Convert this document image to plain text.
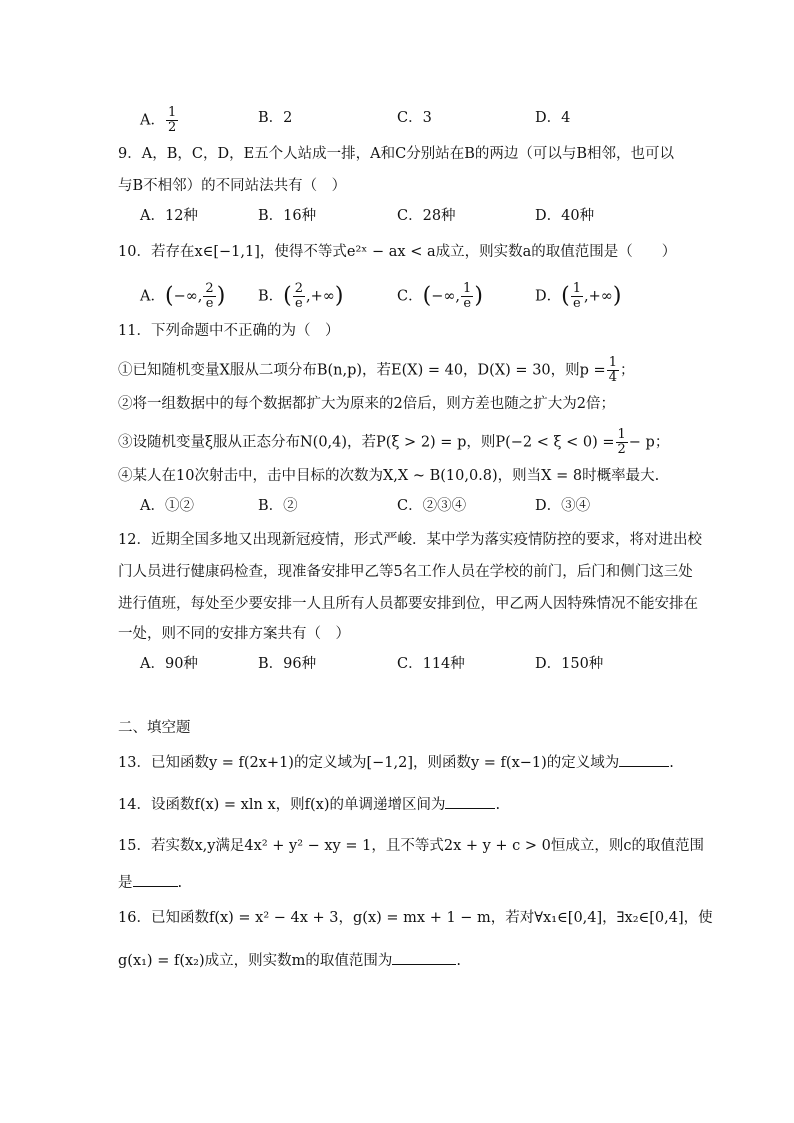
A． $\frac{1}{2}$	B．2	C．3	D．4
9．A，B，C，D，E五个人站成一排，A和C分别站在B的两边（可以与B相邻，也可以
与B不相邻）的不同站法共有（　）
A．12种	B．16种	C．28种	D．40种
10．若存在x∈[−1,1]，使得不等式e²ˣ − ax < a成立，则实数a的取值范围是（　　）
A．(−∞, $\frac{2}{e}$ ) B．( $\frac{2}{e}$ ,+∞)	C．(−∞, $\frac{1}{e}$ )	D．( $\frac{1}{e}$ ,+∞)
11．下列命题中不正确的为（　）
①已知随机变量X服从二项分布B(n,p)，若E(X) = 40，D(X) = 30，则$p = \frac{1}{4}$ ；
②将一组数据中的每个数据都扩大为原来的2倍后，则方差也随之扩大为2倍；
③设随机变量ξ服从正态分布N(0,4)，若P(ξ > 2) = p，则$P(-2 < \xi < 0) = \frac{1}{2} - p$；
④某人在10次射击中，击中目标的次数为X,X ~ B(10,0.8)，则当X = 8时概率最大.
A．①②	B．②	C．②③④	D．③④
12．近期全国多地又出现新冠疫情，形式严峻．某中学为落实疫情防控的要求，将对进出校
门人员进行健康码检查，现准备安排甲乙等5名工作人员在学校的前门，后门和侧门这三处
进行值班，每处至少要安排一人且所有人员都要安排到位，甲乙两人因特殊情况不能安排在
一处，则不同的安排方案共有（　）
A．90种	B．96种	C．114种	D．150种
二、填空题
13．已知函数y = f(2x+1)的定义域为[−1,2]，则函数y = f(x−1)的定义域为	.
14．设函数f(x) = xln x，则f(x)的单调递增区间为	.
15．若实数x,y满足4x² + y² − xy = 1，且不等式2x + y + c > 0恒成立，则c的取值范围
是	.
16．已知函数f(x) = x² − 4x + 3，g(x) = mx + 1 − m，若对∀x₁∈[0,4]，∃x₂∈[0,4]，使
g(x₁) = f(x₂)成立，则实数m的取值范围为	.
